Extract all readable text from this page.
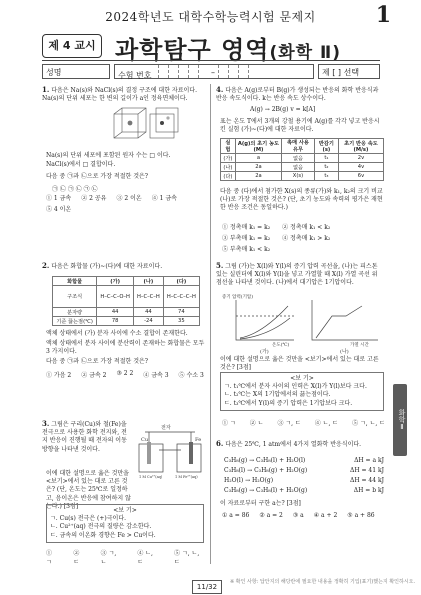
2024학년도 대학수학능력시험 문제지	1
제 4 교시 과학탐구 영역(화학 Ⅱ)
성명	수험 번호	–	제 [ ] 선택
1. 다음은 Na(s)와 NaCl(s)의 결정 구조에 대한 자료이다. Na(s)의 단위 세포는 한 변의 길이가 a인 정육면체이다.
Na(s)의 단위 세포에 포함된 원자 수는 □ 이다.
NaCl(s)에서 □ 결합이다.
다음 중 ㉠과 ㉡으로 가장 적절한 것은?
㉠ ㉡ ㉠ ㉡ ㉠ ㉡
① 1 금속 ② 2 공유 ③ 2 이온 ④ 1 금속
⑤ 4 이온
2. 다음은 화합물 (가)~(다)에 대한 자료이다.
화합물	(가)	(나)	(다)
구조식	H–C–C–O–H	H–C–C–H	H–C–C–C–H
분자량	44	44	74
기준 끓는점(℃)	78	-24	35
액체 상태에서 (가) 분자 사이에 수소 결합이 존재한다.
액체 상태에서 분자 사이에 분산력이 존재하는 화합물은 모두 3 가지이다.
다음 중 ㉠과 ㉡으로 가장 적절한 것은?
① 가음 2 ② 금속 2 ③ 2 2 ④ 금속 3 ⑤ 수소 3
3. 그림은 구리(Cu)와 철(Fe)을 전극으로 사용한 화학 전지와, 전지 반응이 진행될 때 전자의 이동 방향을 나타낸 것이다.
전자
Cu	Fe
1 M Cu²⁺(aq)	1 M Fe²⁺(aq)
이에 대한 설명으로 옳은 것만을 <보기>에서 있는 대로 고른 것은? (단, 온도는 25℃로 일정하고, 음이온은 반응에 참여하지 않는다.) [3점]
<보 기>
ㄱ. Cu(s) 전극은 (+)극이다.
ㄴ. Cu²⁺(aq) 전극의 질량은 감소한다.
ㄷ. 금속의 이온화 경향은 Fe > Cu이다.
① ㄱ
② ㄷ
③ ㄱ, ㄴ
④ ㄴ, ㄷ
⑤ ㄱ, ㄴ, ㄷ
4. 다음은 A(g)로부터 B(g)가 생성되는 반응의 화학 반응식과 반응 속도식이다. k는 반응 속도 상수이다.
A(g) → 2B(g) v = k[A]
표는 온도 T에서 3개의 강철 용기에 A(g)를 각각 넣고 반응시킨 실험 (가)~(다)에 대한 자료이다.
실험	A(g)의 초기 농도(M)	촉매 사용 유무	반감기(s)	초기 반응 속도(M/s)
(가)	a	없음	t₁	2v
(나)	2a	없음	t₂	4v
(다)	2a	X(s)	t₃	6v
다음 중 (다)에서 첨가한 X(s)의 종류(가)와 k₁, k₂의 크기 비교(나)로 가장 적절한 것은? (단, 초기 농도와 속력의 평가은 재현한 반응 조건은 동일하다.)
① 정촉매 k₁ = k₂ ② 정촉매 k₁ < k₂
③ 부촉매 k₁ = k₂ ④ 정촉매 k₁ > k₂
⑤ 부촉매 k₁ < k₂
5. 그림 (가)는 X(l)와 Y(l)의 증기 압력 곡선을, (나)는 피스톤 있는 실린더에 X(l)와 Y(l)을 넣고 가열할 때 X(l) 가열 곡선 위 점선을 나타낸 것이다. (나)에서 대기압은 1기압이다.
증기 압력(기압)
온도(℃)
(가)	(나)
가열 시간
이에 대한 설명으로 옳은 것만을 <보기>에서 있는 대로 고른 것은? [3점]
<보 기>
ㄱ. t₁℃에서 분자 사이의 인력은 X(l)가 Y(l)보다 크다.
ㄴ. t₂℃는 X의 1기압에서의 끓는점이다.
ㄷ. t₃℃에서 Y(l)의 증기 압력은 1기압보다 크다.
① ㄱ ② ㄴ ③ ㄱ, ㄷ ④ ㄴ, ㄷ ⑤ ㄱ, ㄴ, ㄷ
6. 다음은 25℃, 1 atm에서 4가지 열화학 반응식이다.
C₃H₈(g) → C₃H₈(l) + H₂O(l)	ΔH = a kJ
C₃H₈(l) → C₃H₈(g) + H₂O(g)	ΔH = 41 kJ
H₂O(l) → H₂O(g)	ΔH = 44 kJ
C₃H₈(g) → C₃H₈(l) + H₂O(g)	ΔH = b kJ
이 자료로부터 구한 a는? [3점]
① a = 86 ② a = 2 ③ a ④ a + 2 ⑤ a + 86
화학Ⅱ
11/32
※ 확인 사항: 답안지의 해당란에 필요한 내용을 정확히 기입(표기)했는지 확인하시오.
